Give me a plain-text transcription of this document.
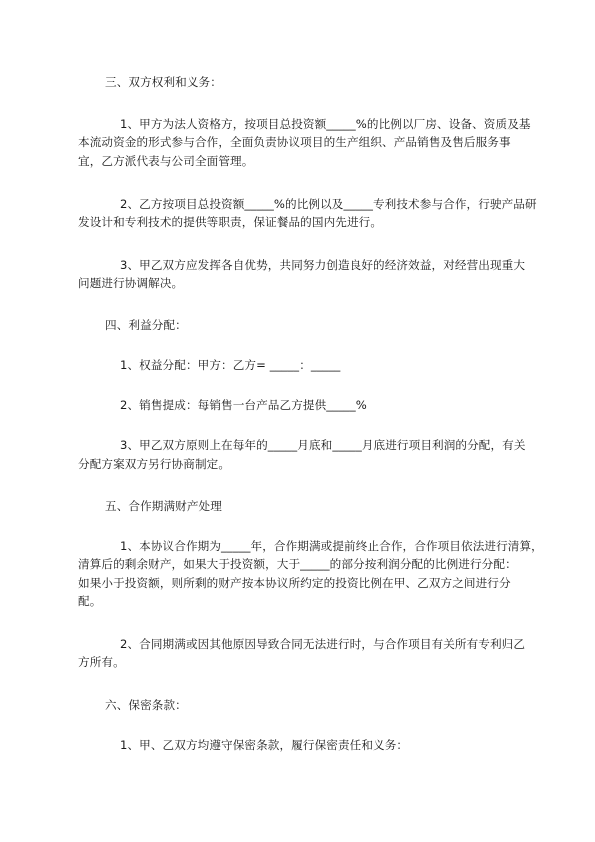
三、双方权利和义务：
1、甲方为法人资格方，按项目总投资额_____%的比例以厂房、设备、资质及基
本流动资金的形式参与合作，全面负责协议项目的生产组织、产品销售及售后服务事
宜，乙方派代表与公司全面管理。
2、乙方按项目总投资额_____%的比例以及_____专利技术参与合作，行驶产品研
发设计和专利技术的提供等职责，保证餐品的国内先进行。
3、甲乙双方应发挥各自优势，共同努力创造良好的经济效益，对经营出现重大
问题进行协调解决。
四、利益分配：
1、权益分配：甲方：乙方= _____：_____
2、销售提成：每销售一台产品乙方提供_____%
3、甲乙双方原则上在每年的_____月底和_____月底进行项目利润的分配，有关
分配方案双方另行协商制定。
五、合作期满财产处理
1、本协议合作期为_____年，合作期满或提前终止合作，合作项目依法进行清算，
清算后的剩余财产，如果大于投资额，大于_____的部分按利润分配的比例进行分配：
如果小于投资额，则所剩的财产按本协议所约定的投资比例在甲、乙双方之间进行分
配。
2、合同期满或因其他原因导致合同无法进行时，与合作项目有关所有专利归乙
方所有。
六、保密条款：
1、甲、乙双方均遵守保密条款，履行保密责任和义务：
